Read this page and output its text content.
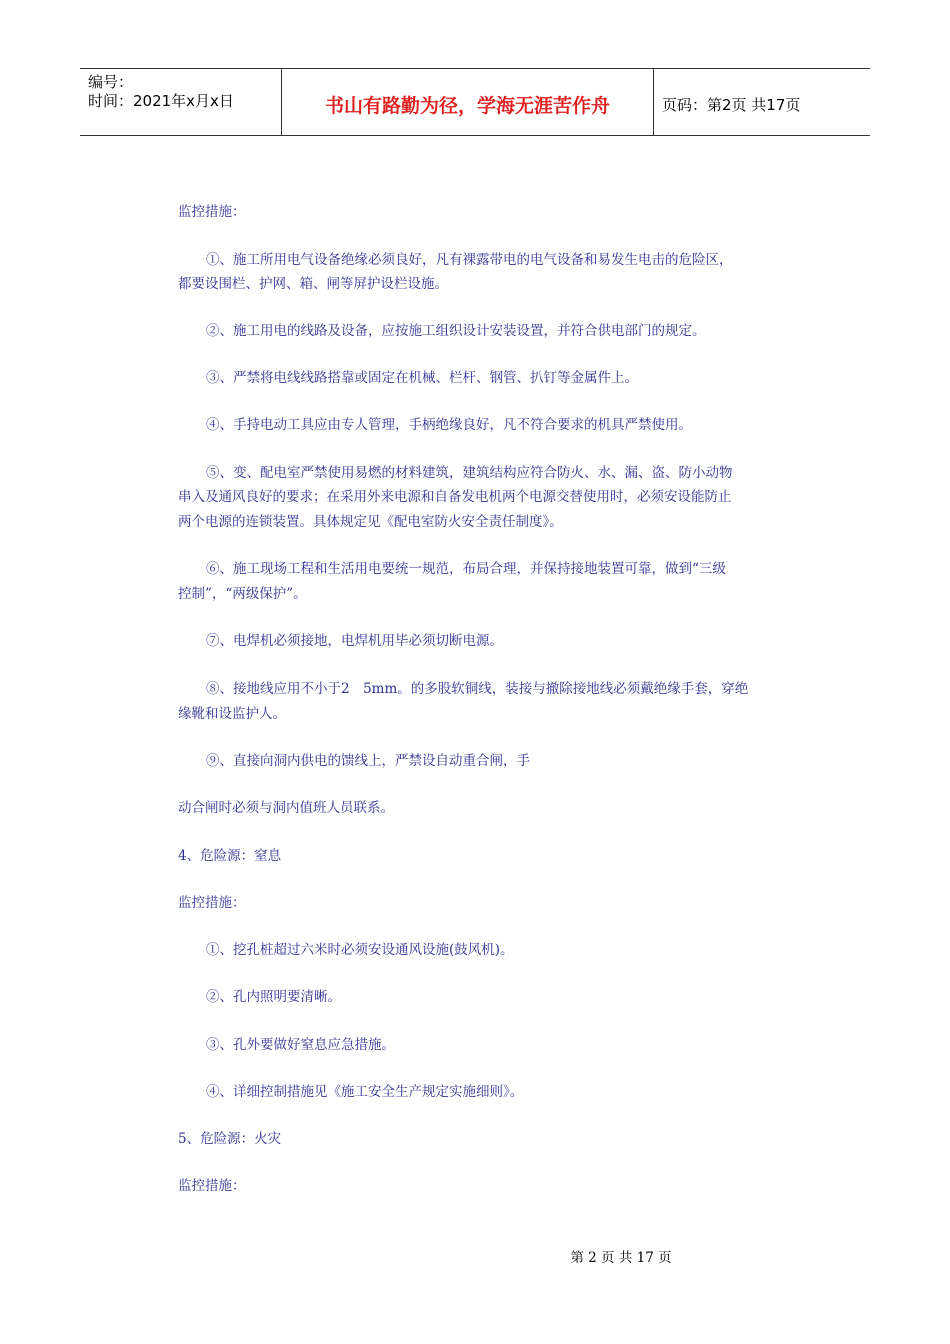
编号：
时间：2021年x月x日	书山有路勤为径，学海无涯苦作舟	页码：第2页 共17页
监控措施：
①、施工所用电气设备绝缘必须良好，凡有裸露带电的电气设备和易发生电击的危险区，
都要设围栏、护网、箱、闸等屏护设栏设施。
②、施工用电的线路及设备，应按施工组织设计安装设置，并符合供电部门的规定。
③、严禁将电线线路搭靠或固定在机械、栏杆、钢管、扒钉等金属件上。
④、手持电动工具应由专人管理，手柄绝缘良好，凡不符合要求的机具严禁使用。
⑤、变、配电室严禁使用易燃的材料建筑，建筑结构应符合防火、水、漏、盗、防小动物
串入及通风良好的要求；在采用外来电源和自备发电机两个电源交替使用时，必须安设能防止
两个电源的连锁装置。具体规定见《配电室防火安全责任制度》。
⑥、施工现场工程和生活用电要统一规范，布局合理，并保持接地装置可靠，做到“三级
控制”，“两级保护”。
⑦、电焊机必须接地，电焊机用毕必须切断电源。
⑧、接地线应用不小于2　5mm。的多股软铜线，装接与撤除接地线必须戴绝缘手套，穿绝
缘靴和设监护人。
⑨、直接向洞内供电的馈线上，严禁设自动重合闸，手
动合闸时必须与洞内值班人员联系。
4、危险源：窒息
监控措施：
①、挖孔桩超过六米时必须安设通风设施(鼓风机)。
②、孔内照明要清晰。
③、孔外要做好窒息应急措施。
④、详细控制措施见《施工安全生产规定实施细则》。
5、危险源：火灾
监控措施：
第 2 页 共 17 页
